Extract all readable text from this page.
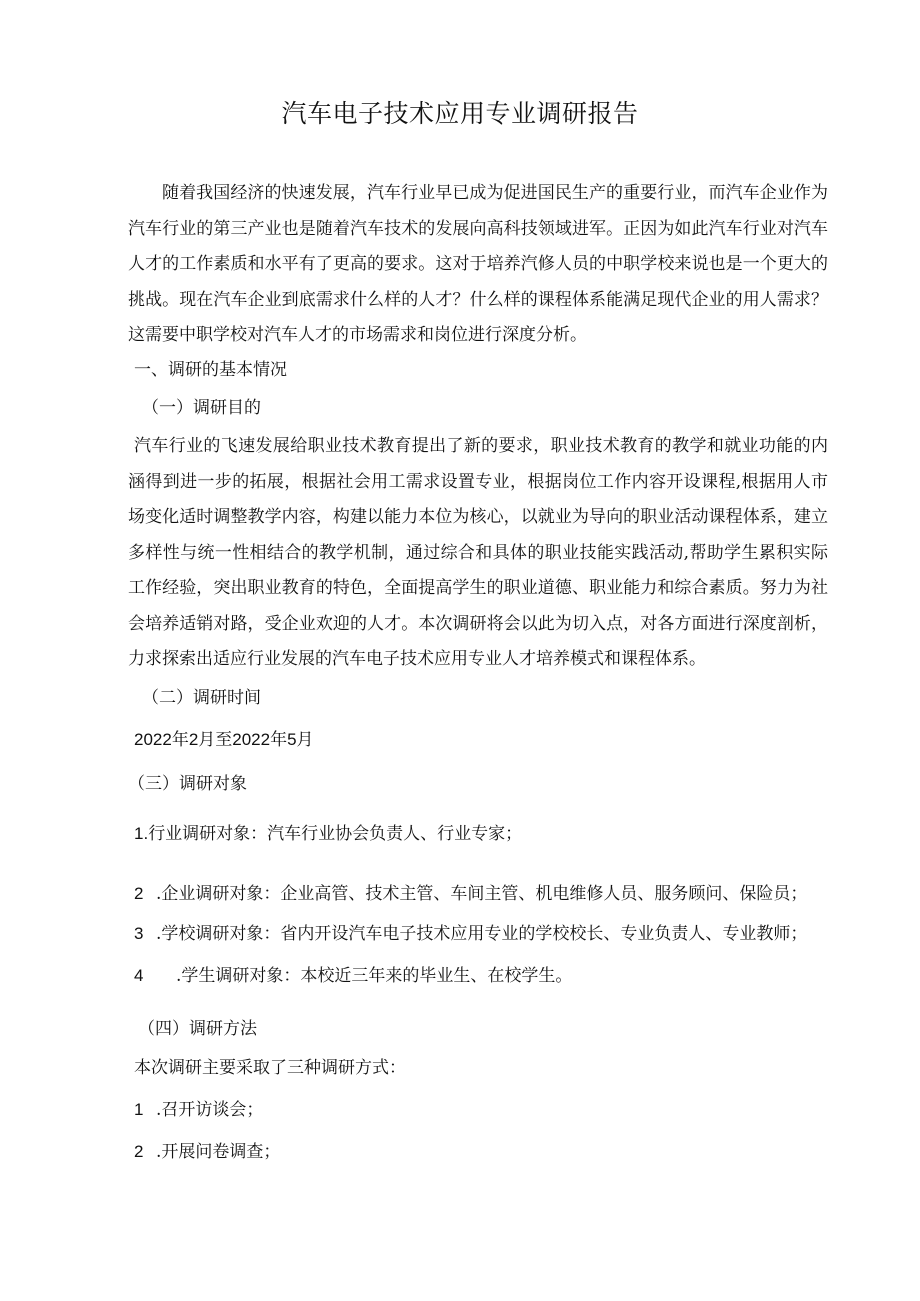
汽车电子技术应用专业调研报告
随着我国经济的快速发展，汽车行业早已成为促进国民生产的重要行业，而汽车企业作为汽车行业的第三产业也是随着汽车技术的发展向高科技领域进军。正因为如此汽车行业对汽车人才的工作素质和水平有了更高的要求。这对于培养汽修人员的中职学校来说也是一个更大的挑战。现在汽车企业到底需求什么样的人才？什么样的课程体系能满足现代企业的用人需求？这需要中职学校对汽车人才的市场需求和岗位进行深度分析。
一、调研的基本情况
（一）调研目的
汽车行业的飞速发展给职业技术教育提出了新的要求，职业技术教育的教学和就业功能的内涵得到进一步的拓展，根据社会用工需求设置专业，根据岗位工作内容开设课程,根据用人市场变化适时调整教学内容，构建以能力本位为核心，以就业为导向的职业活动课程体系，建立多样性与统一性相结合的教学机制，通过综合和具体的职业技能实践活动,帮助学生累积实际工作经验，突出职业教育的特色，全面提高学生的职业道德、职业能力和综合素质。努力为社会培养适销对路，受企业欢迎的人才。本次调研将会以此为切入点，对各方面进行深度剖析，力求探索出适应行业发展的汽车电子技术应用专业人才培养模式和课程体系。
（二）调研时间
2022年2月至2022年5月
（三）调研对象
1.行业调研对象：汽车行业协会负责人、行业专家；
2 .企业调研对象：企业高管、技术主管、车间主管、机电维修人员、服务顾问、保险员；
3 .学校调研对象：省内开设汽车电子技术应用专业的学校校长、专业负责人、专业教师；
4 .学生调研对象：本校近三年来的毕业生、在校学生。
（四）调研方法
本次调研主要采取了三种调研方式：
1 .召开访谈会；
2 .开展问卷调查；
